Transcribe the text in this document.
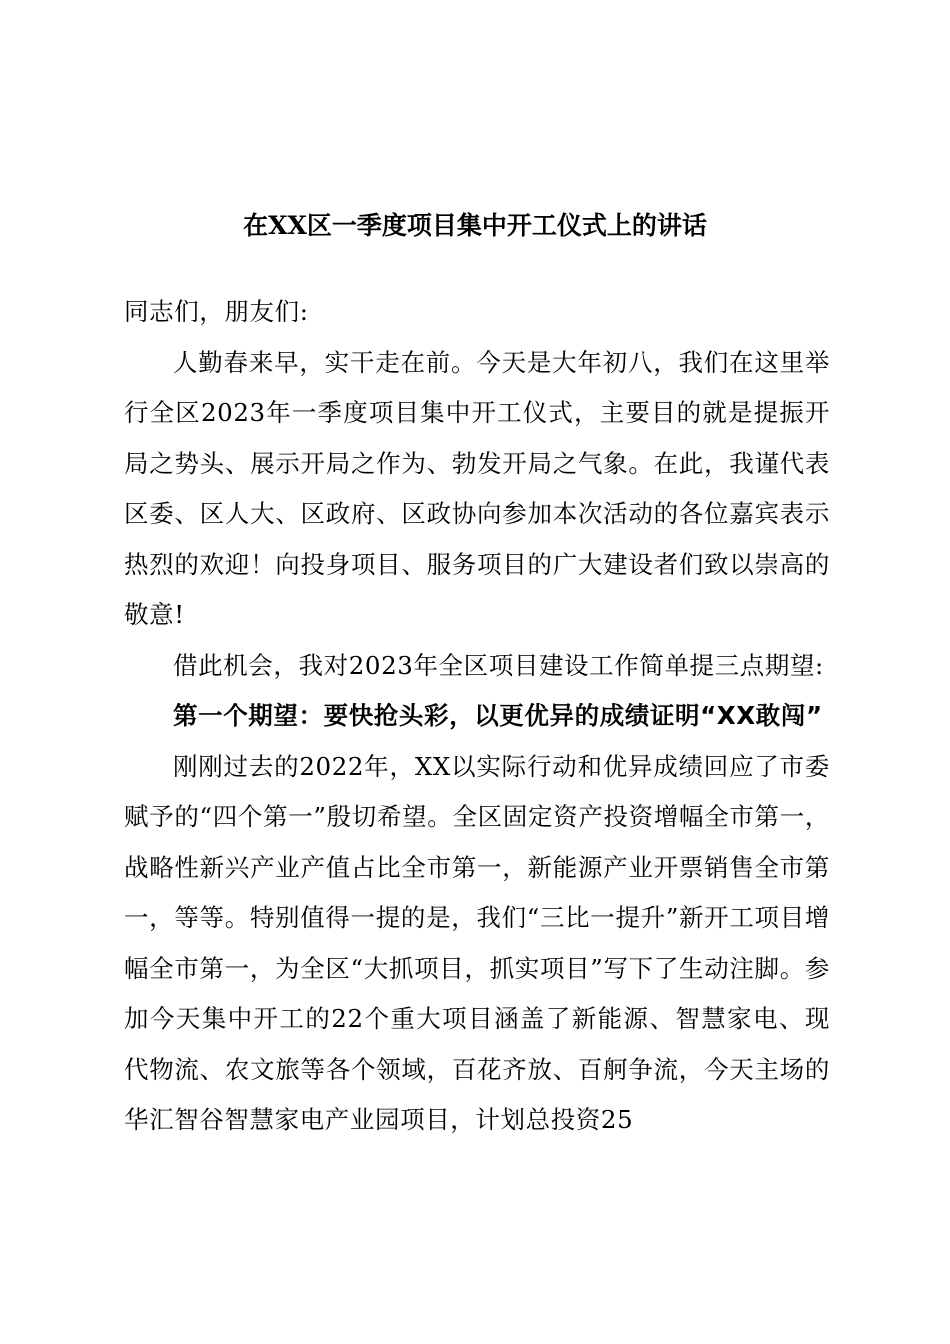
在XX区一季度项目集中开工仪式上的讲话

同志们，朋友们:

人勤春来早，实干走在前。今天是大年初八，我们在这里举行全区2023年一季度项目集中开工仪式，主要目的就是提振开局之势头、展示开局之作为、勃发开局之气象。在此，我谨代表区委、区人大、区政府、区政协向参加本次活动的各位嘉宾表示热烈的欢迎！向投身项目、服务项目的广大建设者们致以崇高的敬意!

借此机会，我对2023年全区项目建设工作简单提三点期望:

第一个期望：要快抢头彩，以更优异的成绩证明“XX敢闯”

刚刚过去的2022年，XX以实际行动和优异成绩回应了市委赋予的“四个第一”殷切希望。全区固定资产投资增幅全市第一，战略性新兴产业产值占比全市第一，新能源产业开票销售全市第一，等等。特别值得一提的是，我们“三比一提升”新开工项目增幅全市第一，为全区“大抓项目，抓实项目”写下了生动注脚。参加今天集中开工的22个重大项目涵盖了新能源、智慧家电、现代物流、农文旅等各个领域，百花齐放、百舸争流，今天主场的华汇智谷智慧家电产业园项目，计划总投资25
